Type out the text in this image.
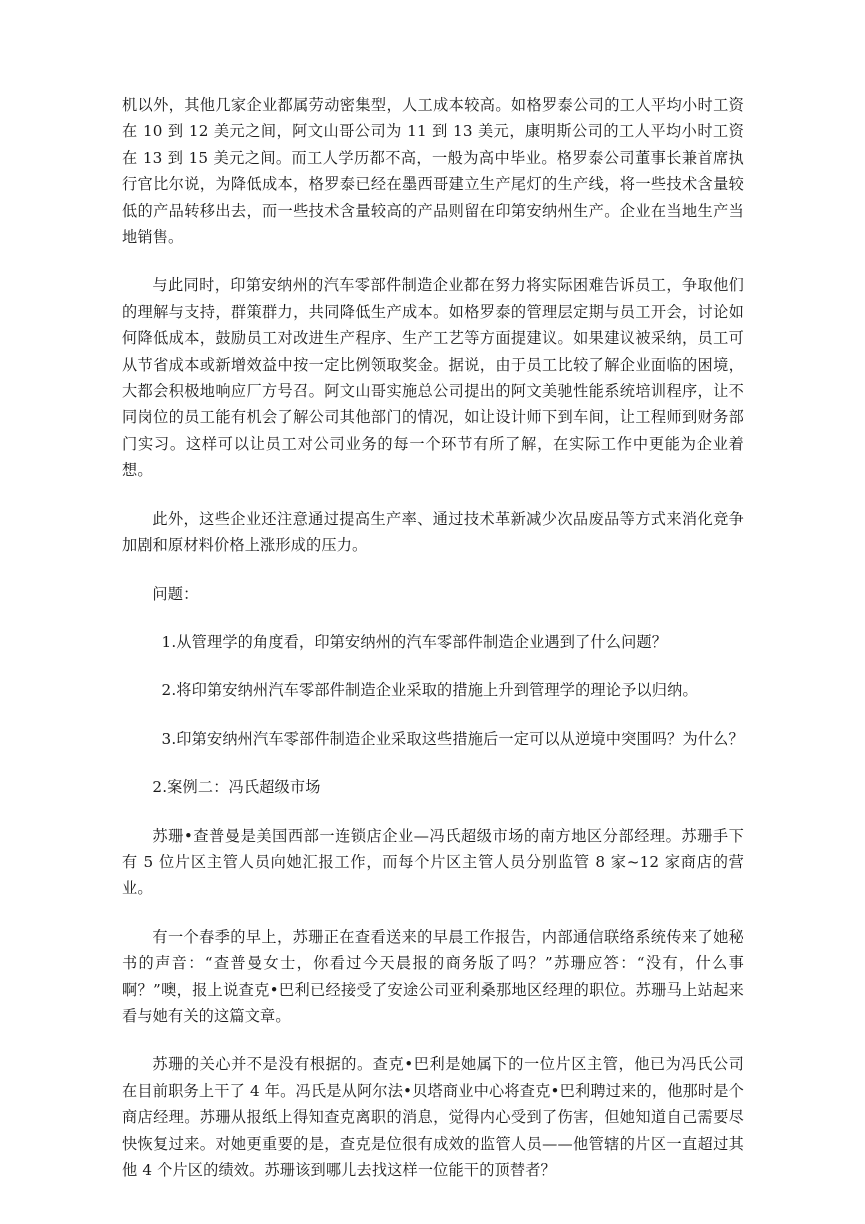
机以外，其他几家企业都属劳动密集型，人工成本较高。如格罗泰公司的工人平均小时工资在 10 到 12 美元之间，阿文山哥公司为 11 到 13 美元，康明斯公司的工人平均小时工资在 13 到 15 美元之间。而工人学历都不高，一般为高中毕业。格罗泰公司董事长兼首席执行官比尔说，为降低成本，格罗泰已经在墨西哥建立生产尾灯的生产线，将一些技术含量较低的产品转移出去，而一些技术含量较高的产品则留在印第安纳州生产。企业在当地生产当地销售。

与此同时，印第安纳州的汽车零部件制造企业都在努力将实际困难告诉员工，争取他们的理解与支持，群策群力，共同降低生产成本。如格罗泰的管理层定期与员工开会，讨论如何降低成本，鼓励员工对改进生产程序、生产工艺等方面提建议。如果建议被采纳，员工可从节省成本或新增效益中按一定比例领取奖金。据说，由于员工比较了解企业面临的困境，大都会积极地响应厂方号召。阿文山哥实施总公司提出的阿文美驰性能系统培训程序，让不同岗位的员工能有机会了解公司其他部门的情况，如让设计师下到车间，让工程师到财务部门实习。这样可以让员工对公司业务的每一个环节有所了解，在实际工作中更能为企业着想。

此外，这些企业还注意通过提高生产率、通过技术革新减少次品废品等方式来消化竞争加剧和原材料价格上涨形成的压力。

问题：

1.从管理学的角度看，印第安纳州的汽车零部件制造企业遇到了什么问题？

2.将印第安纳州汽车零部件制造企业采取的措施上升到管理学的理论予以归纳。

3.印第安纳州汽车零部件制造企业采取这些措施后一定可以从逆境中突围吗？为什么？

2.案例二：冯氏超级市场

苏珊•查普曼是美国西部一连锁店企业—冯氏超级市场的南方地区分部经理。苏珊手下有 5 位片区主管人员向她汇报工作，而每个片区主管人员分别监管 8 家~12 家商店的营业。

有一个春季的早上，苏珊正在查看送来的早晨工作报告，内部通信联络系统传来了她秘书的声音：“查普曼女士，你看过今天晨报的商务版了吗？”苏珊应答：“没有，什么事啊？”噢，报上说查克•巴利已经接受了安途公司亚利桑那地区经理的职位。苏珊马上站起来看与她有关的这篇文章。

苏珊的关心并不是没有根据的。查克•巴利是她属下的一位片区主管，他已为冯氏公司在目前职务上干了 4 年。冯氏是从阿尔法•贝塔商业中心将查克•巴利聘过来的，他那时是个商店经理。苏珊从报纸上得知查克离职的消息，觉得内心受到了伤害，但她知道自己需要尽快恢复过来。对她更重要的是，查克是位很有成效的监管人员——他管辖的片区一直超过其他 4 个片区的绩效。苏珊该到哪儿去找这样一位能干的顶替者？
